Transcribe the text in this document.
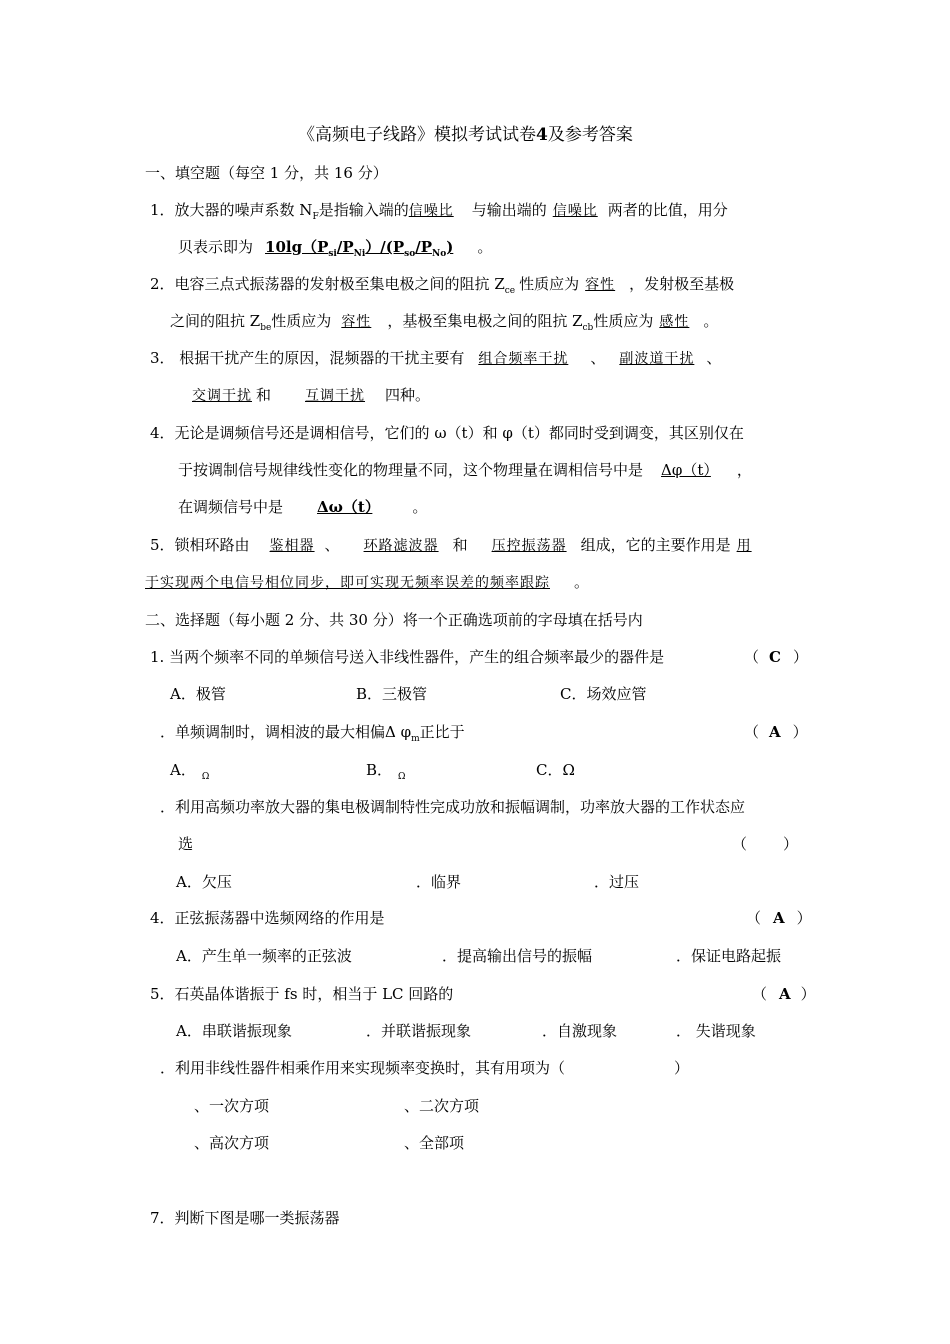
《高频电子线路》模拟考试试卷4及参考答案
一、填空题（每空 1 分，共 16 分）
1．放大器的噪声系数 $N_F$是指输入端的信噪比 与输出端的 信噪比 两者的比值，用分
贝表示即为 $10\lg(P_{si}/P_{Ni})/(P_{so}/P_{No})$ 。
2．电容三点式振荡器的发射极至集电极之间的阻抗 $Z_{ce}$ 性质应为 容性 ，发射极至基极
之间的阻抗 $Z_{be}$性质应为 容性 ，基极至集电极之间的阻抗 $Z_{cb}$性质应为 感性 。
3． 根据干扰产生的原因，混频器的干扰主要有 组合频率干扰 、 副波道干扰 、
交调干扰 和 互调干扰 四种。
4．无论是调频信号还是调相信号，它们的 ω（t）和 φ（t）都同时受到调变，其区别仅在
于按调制信号规律线性变化的物理量不同，这个物理量在调相信号中是 Δφ（t） ，
在调频信号中是 Δω（t）	。
5．锁相环路由 鉴相器 、 环路滤波器 和 压控振荡器 组成，它的主要作用是 用
于实现两个电信号相位同步，即可实现无频率误差的频率跟踪 。
二、选择题（每小题 2 分、共 30 分）将一个正确选项前的字母填在括号内
1. 当两个频率不同的单频信号送入非线性器件，产生的组合频率最少的器件是	（ C ）
A．极管	B．三极管	C．场效应管
．单频调制时，调相波的最大相偏Δ $\varphi_m$正比于	（ A ）
A． $_\Omega$	B． $_\Omega$	C．Ω
．利用高频功率放大器的集电极调制特性完成功放和振幅调制，功率放大器的工作状态应
选	（ ）
A．欠压	．临界	．过压
4．正弦振荡器中选频网络的作用是	（ A ）
A．产生单一频率的正弦波	．提高输出信号的振幅	．保证电路起振
5．石英晶体谐振于 fs 时，相当于 LC 回路的	（ A ）
A．串联谐振现象	．并联谐振现象	．自激现象	． 失谐现象
．利用非线性器件相乘作用来实现频率变换时，其有用项为（	）
、一次方项	、二次方项
、高次方项	、全部项
7．判断下图是哪一类振荡器
